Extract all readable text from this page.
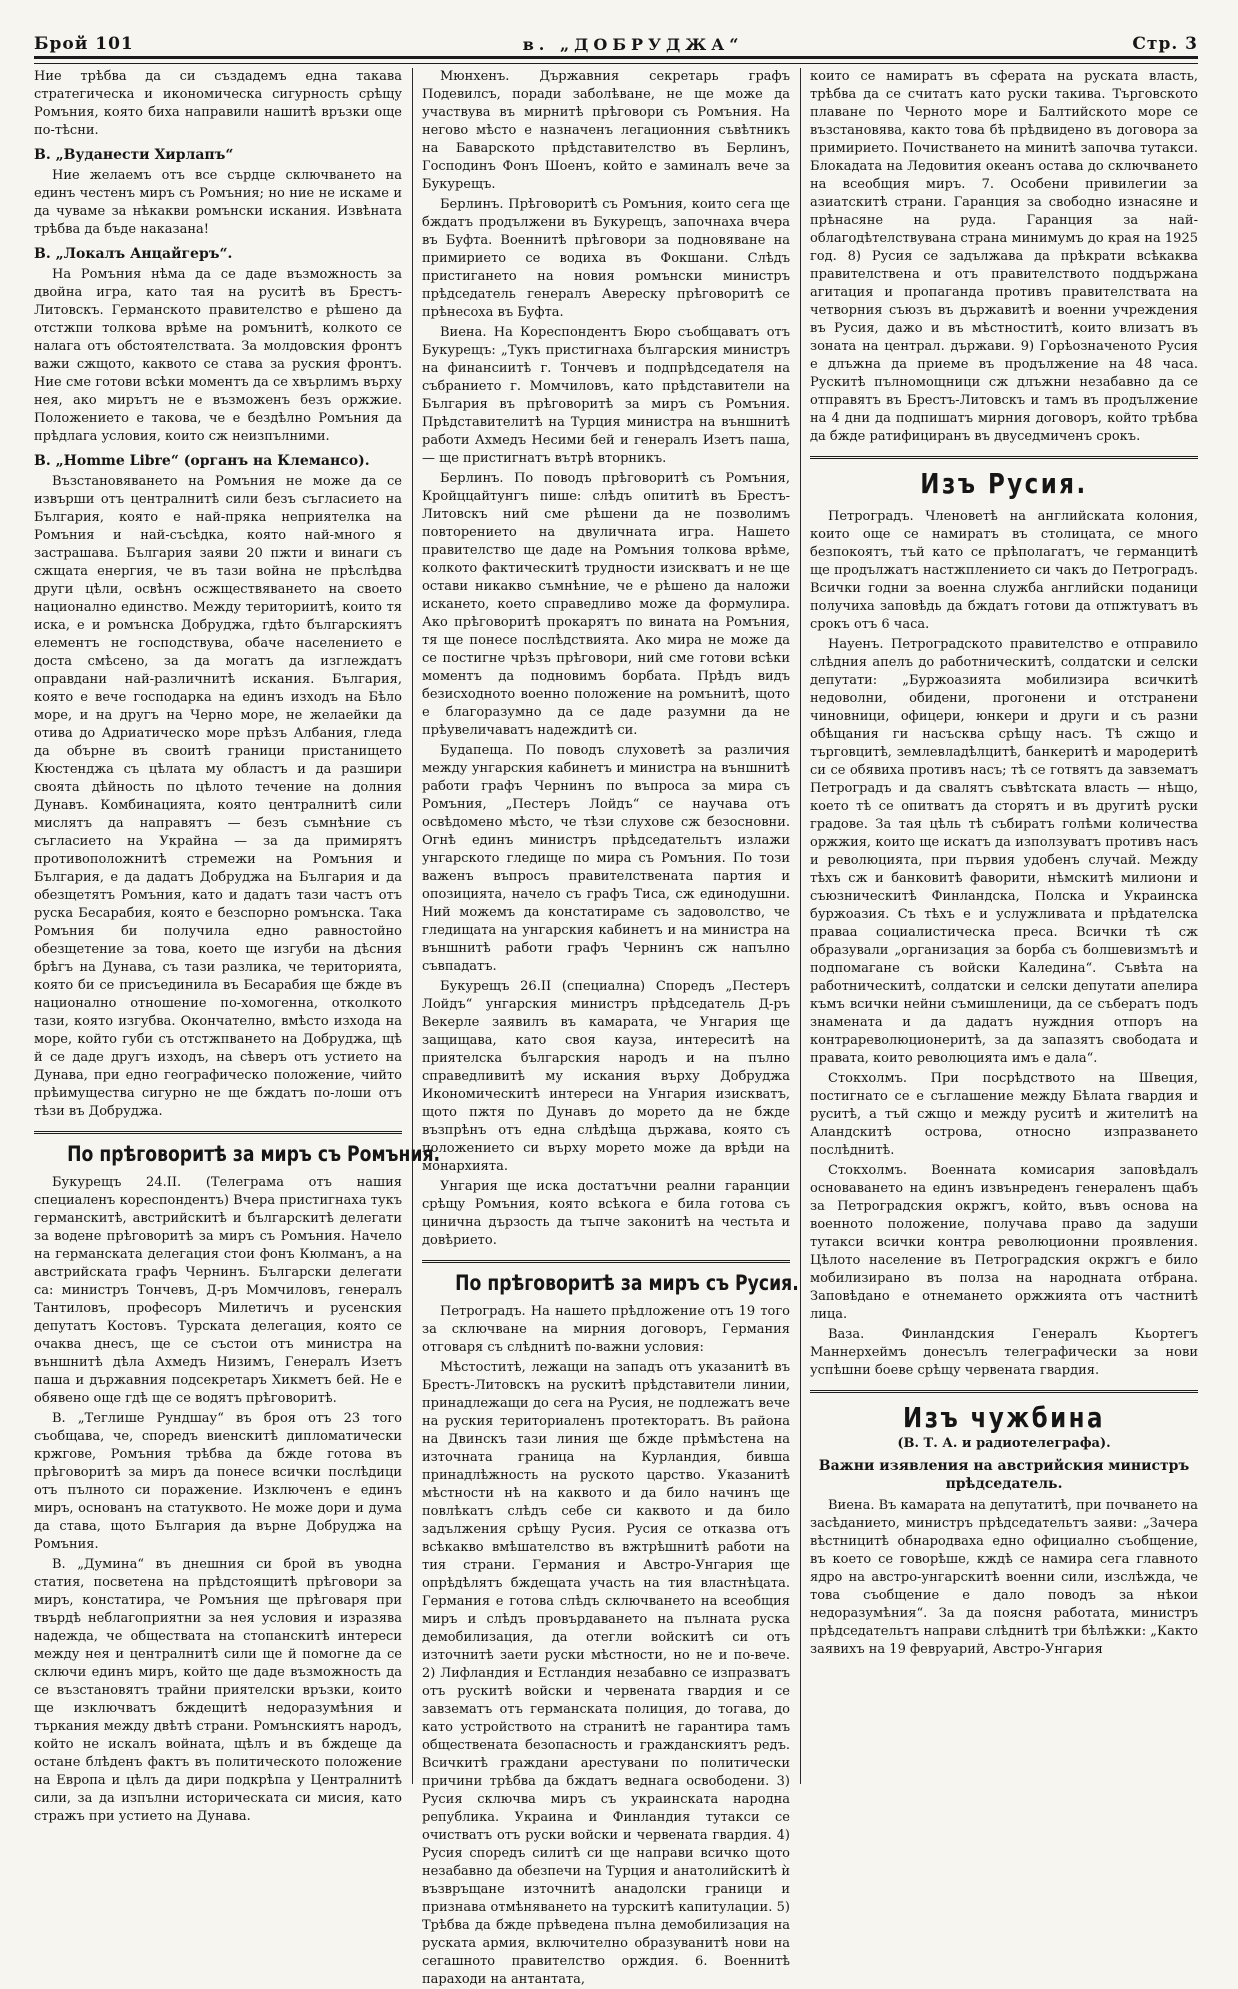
Брой 101	в. „ДОБРУДЖА“	Стр. 3

Ние трѣбва да си създадемъ една такава стратегическа и икономическа сигурность срѣщу Ромъния, която биха направили нашитѣ връзки още по-тѣсни.

В. „Вуданести Хирлапъ“

Ние желаемъ отъ все сърдце сключването на единъ честенъ миръ съ Ромъния; но ние не искаме и да чуваме за нѣкакви ромънски искания. Извѣната трѣбва да бъде наказана!

В. „Локалъ Анцайгеръ“.

На Ромъния нѣма да се даде възможность за двойна игра, като тая на руситѣ въ Брестъ-Литовскъ. Германското правителство е рѣшено да отстжпи толкова врѣме на ромънитѣ, колкото се налага отъ обстоятелствата. За молдовския фронтъ важи сжщото, каквото се става за руския фронтъ. Ние сме готови всѣки моментъ да се хвърлимъ върху нея, ако мирътъ не е възможенъ безъ оржжие. Положението е такова, че е бездѣлно Ромъния да прѣдлага условия, които сж неизпълними.

В. „Homme Libre“ (органъ на Клемансо).

Възстановяването на Ромъния не може да се извърши отъ централнитѣ сили безъ съгласието на България, която е най-пряка неприятелка на Ромъния и най-съсѣдка, която най-много я застрашава. България заяви 20 пжти и винаги съ сжщата енергия, че въ тази война не прѣслѣдва други цѣли, освѣнъ осжществяването на своето национално единство. Между териториитѣ, които тя иска, е и ромънска Добруджа, гдѣто българскиятъ елементъ не господствува, обаче населението е доста смѣсено, за да могатъ да изглеждатъ оправдани най-различнитѣ искания. България, която е вече господарка на единъ изходъ на Бѣло море, и на другъ на Черно море, не желаейки да отива до Адриатическо море прѣзъ Албания, гледа да обърне въ своитѣ граници пристанището Кюстенджа съ цѣлата му областъ и да разшири своята дѣйность по цѣлото течение на долния Дунавъ. Комбинацията, която централнитѣ сили мислятъ да направятъ — безъ съмнѣние съ съгласието на Украйна — за да примирятъ противоположнитѣ стремежи на Ромъния и България, е да дадатъ Добруджа на България и да обезщетятъ Ромъния, като и дадатъ тази частъ отъ руска Бесарабия, която е безспорно ромънска. Така Ромъния би получила едно равностойно обезщетение за това, което ще изгуби на дѣсния брѣгъ на Дунава, съ тази разлика, че територията, която би се присъединила въ Бесарабия ще бжде въ национално отношение по-хомогенна, отколкото тази, която изгубва. Окончателно, вмѣсто изхода на море, който губи съ отстжпването на Добруджа, щѣ й се даде другъ изходъ, на сѣверъ отъ устието на Дунава, при едно географическо положение, чийто прѣимущества сигурно не ще бждатъ по-лоши отъ тѣзи въ Добруджа.

По прѣговоритѣ за миръ съ Ромъния.

Букурещъ 24.II. (Телеграма отъ нашия специаленъ кореспондентъ) Вчера пристигнаха тукъ германскитѣ, австрийскитѣ и българскитѣ делегати за водене прѣговоритѣ за миръ съ Ромъния. Начело на германската делегация стои фонъ Кюлманъ, а на австрийската графъ Чернинъ. Български делегати са: министръ Тончевъ, Д-ръ Момчиловъ, генералъ Тантиловъ, професоръ Милетичъ и русенския депутатъ Костовъ. Турската делегация, която се очаква днесъ, ще се състои отъ министра на външнитѣ дѣла Ахмедъ Низимъ, Генералъ Изетъ паша и държавния подсекретаръ Хикметъ бей. Не е обявено още гдѣ ще се водятъ прѣговоритѣ.

В. „Теглише Рундшау“ въ броя отъ 23 того съобщава, че, споредъ виенскитѣ дипломатически кржгове, Ромъния трѣбва да бжде готова въ прѣговоритѣ за миръ да понесе всички послѣдици отъ пълното си поражение. Изключенъ е единъ миръ, основанъ на статуквото. Не може дори и дума да става, щото България да върне Добруджа на Ромъния.

В. „Думина“ въ днешния си брой въ уводна статия, посветена на прѣдстоящитѣ прѣговори за миръ, констатира, че Ромъния ще прѣговаря при твърдѣ неблагоприятни за нея условия и изразява надежда, че обществата на стопанскитѣ интереси между нея и централнитѣ сили ще й помогне да се сключи единъ миръ, който ще даде възможность да се възстановятъ трайни приятелски връзки, които ще изключватъ бждещитѣ недоразумѣния и търкания между двѣтѣ страни. Ромънскиятъ народъ, който не искалъ войната, щѣлъ и въ бждеще да остане блѣденъ фактъ въ политическото положение на Европа и цѣлъ да дири подкрѣпа у Централнитѣ сили, за да изпълни историческата си мисия, като стражъ при устието на Дунава.

Мюнхенъ. Държавния секретарь графъ Подевилсъ, поради заболѣване, не ще може да участвува въ мирнитѣ прѣговори съ Ромъния. На негово мѣсто е назначенъ легационния съвѣтникъ на Баварското прѣдставителство въ Берлинъ, Господинъ Фонъ Шоенъ, който е заминалъ вече за Букурещъ.

Берлинъ. Прѣговоритѣ съ Ромъния, които сега ще бждатъ продължени въ Букурещъ, започнаха вчера въ Буфта. Военнитѣ прѣговори за подновяване на примирието се водиха въ Фокшани. Слѣдъ пристигането на новия ромънски министръ прѣдседатель генералъ Авереску прѣговоритѣ се прѣнесоха въ Буфта.

Виена. На Кореспондентъ Бюро съобщаватъ отъ Букурещъ: „Тукъ пристигнаха българския министръ на финансиитѣ г. Тончевъ и подпрѣдседателя на събранието г. Момчиловъ, като прѣдставители на България въ прѣговоритѣ за миръ съ Ромъния. Прѣдставителитѣ на Турция министра на външнитѣ работи Ахмедъ Несими бей и генералъ Изетъ паша,— ще пристигнатъ вътрѣ вторникъ.

Берлинъ. По поводъ прѣговоритѣ съ Ромъния, Кройццайтунгъ пише: слѣдъ опититѣ въ Брестъ-Литовскъ ний сме рѣшени да не позволимъ повторението на двуличната игра. Нашето правителство ще даде на Ромъния толкова врѣме, колкото фактическитѣ трудности изискватъ и не ще остави никакво съмнѣние, че е рѣшено да наложи искането, което справедливо може да формулира. Ако прѣговоритѣ прокарятъ по вината на Ромъния, тя ще понесе послѣдствията. Ако мира не може да се постигне чрѣзъ прѣговори, ний сме готови всѣки моментъ да подновимъ борбата. Прѣдъ видъ безисходното военно положение на ромънитѣ, щото е благоразумно да се даде разумни да не прѣувеличаватъ надеждитѣ си.

Будапеща. По поводъ слуховетѣ за различия между унгарския кабинетъ и министра на външнитѣ работи графъ Чернинъ по въпроса за мира съ Ромъния, „Пестеръ Лойдъ“ се научава отъ освѣдомено мѣсто, че тѣзи слухове сж безосновни. Огнѣ единъ министръ прѣдседательтъ излажи унгарското гледище по мира съ Ромъния. По този важенъ въпросъ правителствената партия и опозицията, начело съ графъ Тиса, сж единодушни. Ний можемъ да констатираме съ задоволство, че гледищата на унгарския кабинетъ и на министра на външнитѣ работи графъ Чернинъ сж напълно съвпадатъ.

Букурещъ 26.II (специална) Споредъ „Пестеръ Лойдъ“ унгарския министръ прѣдседатель Д-ръ Векерле заявилъ въ камарата, че Унгария ще защищава, като своя кауза, интереситѣ на приятелска българския народъ и на пълно справедливитѣ му искания върху Добруджа Икономическитѣ интереси на Унгария изискватъ, щото пжтя по Дунавъ до морето да не бжде възпрѣнъ отъ една слѣдѣща държава, която съ положението си върху морето може да врѣди на монархията.

Унгария ще иска достатъчни реални гаранции срѣщу Ромъния, която всѣкога е била готова съ цинична дързость да тъпче законитѣ на честьта и довѣрието.

По прѣговоритѣ за миръ съ Русия.

Петроградъ. На нашето прѣдложение отъ 19 того за сключване на мирния договоръ, Германия отговаря съ слѣднитѣ по-важни условия:

Мѣстоститѣ, лежащи на западъ отъ указанитѣ въ Брестъ-Литовскъ на рускитѣ прѣдставители линии, принадлежащи до сега на Русия, не подлежатъ вече на руския териториаленъ протекторатъ. Въ района на Двинскъ тази линия ще бжде прѣмѣстена на източната граница на Курландия, бивша принадлѣжность на руското царство. Указанитѣ мѣстности нѣ на каквото и да било начинъ ще повлѣкатъ слѣдъ себе си каквото и да било задължения срѣщу Русия. Русия се отказва отъ всѣкакво вмѣшателство въ вжтрѣшнитѣ работи на тия страни. Германия и Австро-Унгария ще опрѣдѣлятъ бждещата участь на тия властнѣцата. Германия е готова слѣдъ сключването на всеобщия миръ и слѣдъ провърдаването на пълната руска демобилизация, да отегли войскитѣ си отъ източнитѣ заети руски мѣстности, но не и по-вече. 2) Лифландия и Естландия незабавно се изпразватъ отъ рускитѣ войски и червената гвардия и се завзематъ отъ германската полиция, до тогава, до като устройството на странитѣ не гарантира тамъ обществената безопасность и гражданскиятъ редъ. Всичкитѣ граждани арестувани по политически причини трѣбва да бждатъ веднага освободени. 3) Русия сключва миръ съ украинската народна република. Украина и Финландия тутакси се очистватъ отъ руски войски и червената гвардия. 4) Русия споредъ силитѣ си ще направи всичко щото незабавно да обезпечи на Турция и анатолийскитѣ ѝ възвръщане източнитѣ анадолски граници и признава отмѣняването на турскитѣ капитулации. 5) Трѣбва да бжде прѣведена пълна демобилизация на руската армия, включително образуванитѣ нови на сегашното правителство орждия. 6. Военнитѣ параходи на антантата,

които се намиратъ въ сферата на руската власть, трѣбва да се считатъ като руски такива. Търговското плаване по Черното море и Балтийското море се възстановява, както това бѣ прѣдвидено въ договора за примирието. Почистването на минитѣ започва тутакси. Блокадата на Ледовития океанъ остава до сключването на всеобщия миръ. 7. Особени привилегии за азиатскитѣ страни. Гаранция за свободно изнасяне и прѣнасяне на руда. Гаранция за най-облагодѣтелствувана страна минимумъ до края на 1925 год. 8) Русия се задължава да прѣкрати всѣкаква правителствена и отъ правителството поддържана агитация и пропаганда противъ правителствата на четворния съюзъ въ държавитѣ и военни учреждения въ Русия, дажо и въ мѣстноститѣ, които влизатъ въ зоната на централ. държави. 9) Горѣозначеното Русия е длъжна да приеме въ продължение на 48 часа. Рускитѣ пълномощници сж длъжни незабавно да се отправятъ въ Брестъ-Литовскъ и тамъ въ продължение на 4 дни да подпишатъ мирния договоръ, който трѣбва да бжде ратифициранъ въ двуседмиченъ срокъ.

Изъ Русия.

Петроградъ. Членоветѣ на английската колония, които още се намиратъ въ столицата, се много безпокоятъ, тъй като се прѣполагатъ, че германцитѣ ще продължатъ настжплението си чакъ до Петроградъ. Всички годни за военна служба английски поданици получиха заповѣдь да бждатъ готови да отпжтуватъ въ срокъ отъ 6 часа.

Науенъ. Петроградското правителство е отправило слѣдния апелъ до работническитѣ, солдатски и селски депутати: „Буржоазията мобилизира всичкитѣ недоволни, обидени, прогонени и отстранени чиновници, офицери, юнкери и други и съ разни обѣщания ги насъсква срѣщу насъ. Тѣ сжщо и търговцитѣ, землевладѣлцитѣ, банкеритѣ и мародеритѣ си се обявиха противъ насъ; тѣ се готвятъ да завзематъ Петроградъ и да свалятъ съвѣтската власть — нѣщо, което тѣ се опитватъ да сторятъ и въ другитѣ руски градове. За тая цѣль тѣ събиратъ голѣми количества оржжия, които ще искатъ да използуватъ противъ насъ и революцията, при първия удобенъ случай. Между тѣхъ сж и банковитѣ фаворити, нѣмскитѣ милиони и съюзническитѣ Финландска, Полска и Украинска буржоазия. Съ тѣхъ е и услужливата и прѣдателска праваа социалистическа преса. Всички тѣ сж образували „организация за борба съ болшевизмътѣ и подпомагане съ войски Каледина“. Съвѣта на работническитѣ, солдатски и селски депутати апелира къмъ всички нейни съмишленици, да се събератъ подъ знамената и да дадатъ нуждния отпоръ на контрареволюционеритѣ, за да запазятъ свободата и правата, които революцията имъ е дала“.

Стокхолмъ. При посрѣдството на Швеция, постигнато се е съглашение между Бѣлата гвардия и руситѣ, а тъй сжщо и между руситѣ и жителитѣ на Аландскитѣ острова, относно изпразването послѣднитѣ.

Стокхолмъ. Военната комисария заповѣдалъ основаването на единъ извънреденъ генераленъ щабъ за Петроградския окржгъ, който, въвъ основа на военното положение, получава право да задуши тутакси всички контра революционни проявления. Цѣлото население въ Петроградския окржгъ е било мобилизирано въ полза на народната отбрана. Заповѣдано е отнемането оржжията отъ частнитѣ лица.

Ваза. Финландския Генералъ Кьортегъ Маннерхеймъ донесълъ телеграфически за нови успѣшни боеве срѣщу червената гвардия.

Изъ чужбина
(В. Т. А. и радиотелеграфа).
Важни изявления на австрийския министръ прѣдседатель.

Виена. Въ камарата на депутатитѣ, при почването на засѣданието, министръ прѣдседательтъ заяви: „Зачера вѣстницитѣ обнародваха едно официално съобщение, въ което се говорѣше, кждѣ се намира сега главното ядро на австро-унгарскитѣ военни сили, изслѣжда, че това съобщение е дало поводъ за нѣкои недоразумѣния“. За да поясня работата, министръ прѣдседательтъ направи слѣднитѣ три бѣлѣжки: „Както заявихъ на 19 февруарий, Австро-Унгария
